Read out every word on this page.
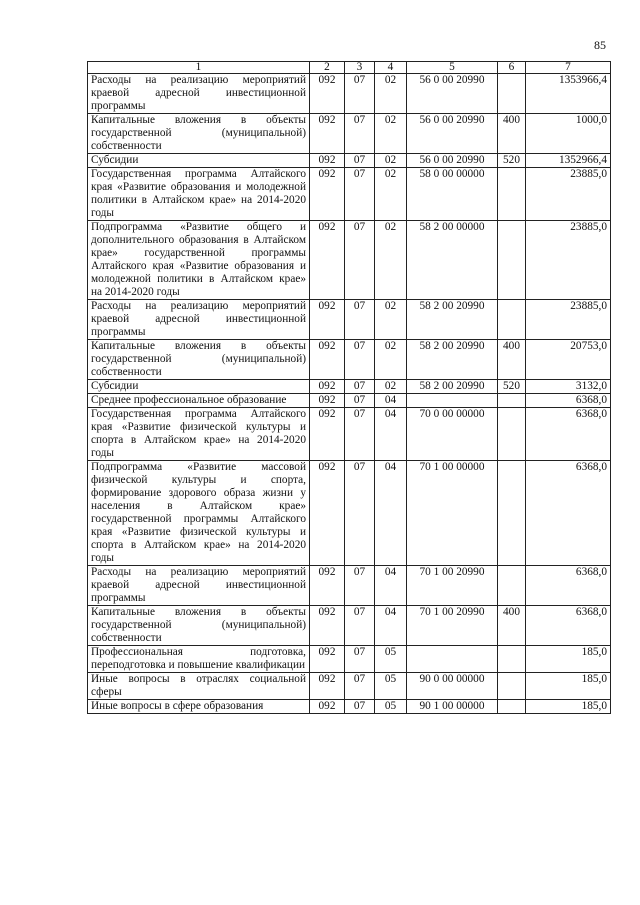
85
1	2	3	4	5	6	7
Расходы на реализацию мероприятий краевой адресной инвестиционной программы	092	07	02	56 0 00 20990		1353966,4
Капитальные вложения в объекты государственной (муниципальной) собственности	092	07	02	56 0 00 20990	400	1000,0
Субсидии	092	07	02	56 0 00 20990	520	1352966,4
Государственная программа Алтайского края «Развитие образования и молодежной политики в Алтайском крае» на 2014-2020 годы	092	07	02	58 0 00 00000		23885,0
Подпрограмма «Развитие общего и дополнительного образования в Алтайском крае» государственной программы Алтайского края «Развитие образования и молодежной политики в Алтайском крае» на 2014-2020 годы	092	07	02	58 2 00 00000		23885,0
Расходы на реализацию мероприятий краевой адресной инвестиционной программы	092	07	02	58 2 00 20990		23885,0
Капитальные вложения в объекты государственной (муниципальной) собственности	092	07	02	58 2 00 20990	400	20753,0
Субсидии	092	07	02	58 2 00 20990	520	3132,0
Среднее профессиональное образование	092	07	04			6368,0
Государственная программа Алтайского края «Развитие физической культуры и спорта в Алтайском крае» на 2014-2020 годы	092	07	04	70 0 00 00000		6368,0
Подпрограмма «Развитие массовой физической культуры и спорта, формирование здорового образа жизни у населения в Алтайском крае» государственной программы Алтайского края «Развитие физической культуры и спорта в Алтайском крае» на 2014-2020 годы	092	07	04	70 1 00 00000		6368,0
Расходы на реализацию мероприятий краевой адресной инвестиционной программы	092	07	04	70 1 00 20990		6368,0
Капитальные вложения в объекты государственной (муниципальной) собственности	092	07	04	70 1 00 20990	400	6368,0
Профессиональная подготовка, переподготовка и повышение квалификации	092	07	05			185,0
Иные вопросы в отраслях социальной сферы	092	07	05	90 0 00 00000		185,0
Иные вопросы в сфере образования	092	07	05	90 1 00 00000		185,0
